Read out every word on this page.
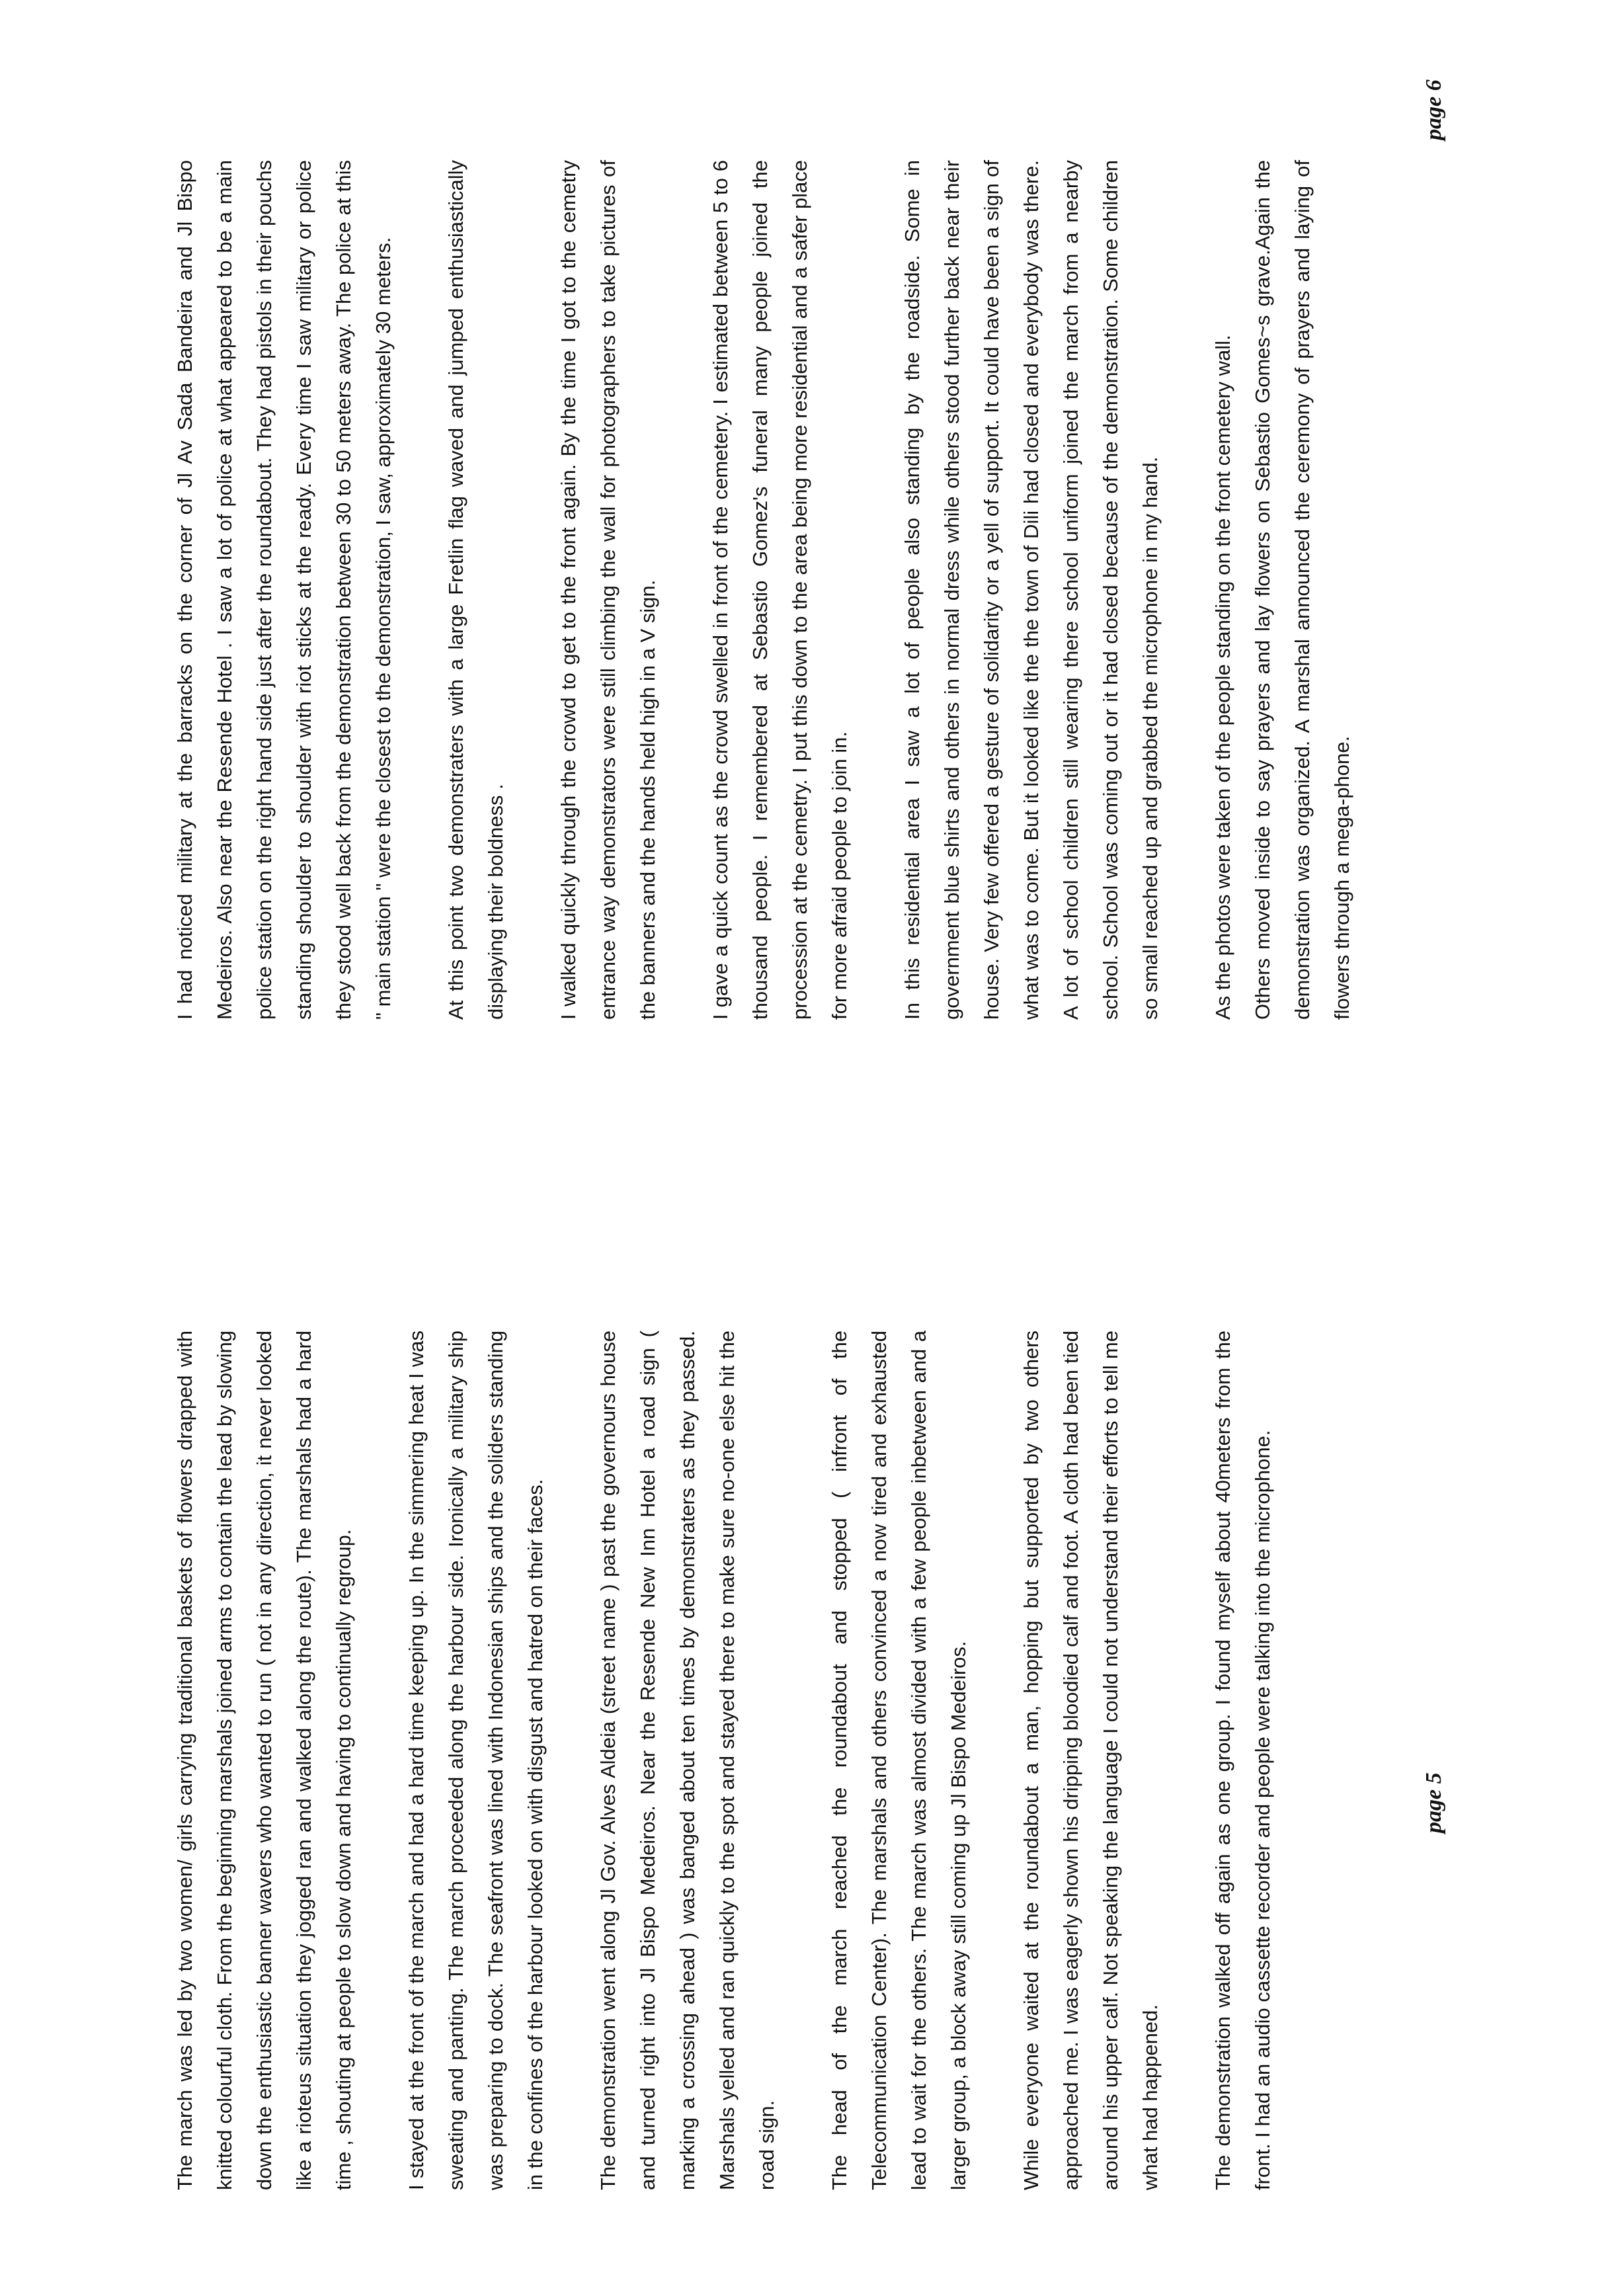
The march was led by two women/ girls carrying traditional baskets of flowers drapped with knitted colourful cloth. From the beginning marshals joined arms to contain the lead by slowing down the enthusiastic banner wavers who wanted to run ( not in any direction, it never looked like a rioteus situation they jogged ran and walked along the route). The marshals had a hard time , shouting at people to slow down and having to continually regroup.	I stayed at the front of the march and had a hard time keeping up. In the simmering heat I was sweating and panting. The march proceeded along the harbour side. Ironically a military ship was preparing to dock. The seafront was lined with Indonesian ships and the soliders standing in the confines of the harbour looked on with disgust and hatred on their faces.	The demonstration went along Jl Gov. Alves Aldeia (street name ) past the governours house and turned right into Jl Bispo Medeiros. Near the Resende New Inn Hotel a road sign ( marking a crossing ahead ) was banged about ten times by demonstraters as they passed. Marshals yelled and ran quickly to the spot and stayed there to make sure no-one else hit the road sign.	The head of the march reached the roundabout and stopped ( infront of the Telecommunication Center). The marshals and others convinced a now tired and exhausted lead to wait for the others. The march was almost divided with a few people inbetween and a larger group, a block away still coming up Jl Bispo Medeiros.	While everyone waited at the roundabout a man, hopping but supported by two others approached me. I was eagerly shown his dripping bloodied calf and foot. A cloth had been tied around his upper calf. Not speaking the language I could not understand their efforts to tell me what had happened.	The demonstration walked off again as one group. I found myself about 40meters from the front. I had an audio cassette recorder and people were talking into the microphone.	page 5

I had noticed military at the barracks on the corner of Jl Av Sada Bandeira and Jl Bispo Medeiros. Also near the Resende Hotel . I saw a lot of police at what appeared to be a main police station on the right hand side just after the roundabout. They had pistols in their pouchs standing shoulder to shoulder with riot sticks at the ready. Every time I saw military or police they stood well back from the demonstration between 30 to 50 meters away. The police at this " main station " were the closest to the demonstration, I saw, approximately 30 meters.	At this point two demonstraters with a large Fretlin flag waved and jumped enthusiastically displaying their boldness .	I walked quickly through the crowd to get to the front again. By the time I got to the cemetry entrance way demonstrators were still climbing the wall for photographers to take pictures of the banners and the hands held high in a V sign.	I gave a quick count as the crowd swelled in front of the cemetery. I estimated between 5 to 6 thousand people. I remembered at Sebastio Gomez's funeral many people joined the procession at the cemetry. I put this down to the area being more residential and a safer place for more afraid people to join in.	In this residential area I saw a lot of people also standing by the roadside. Some in government blue shirts and others in normal dress while others stood further back near their house. Very few offered a gesture of solidarity or a yell of support. It could have been a sign of what was to come. But it looked like the the town of Dili had closed and everybody was there. A lot of school children still wearing there school uniform joined the march from a nearby school. School was coming out or it had closed because of the demonstration. Some children so small reached up and grabbed the microphone in my hand.	As the photos were taken of the people standing on the front cemetery wall.
Others moved inside to say prayers and lay flowers on Sebastio Gomes~s grave.Again the demonstration was organized. A marshal announced the ceremony of prayers and laying of flowers through a mega-phone.

page 6
